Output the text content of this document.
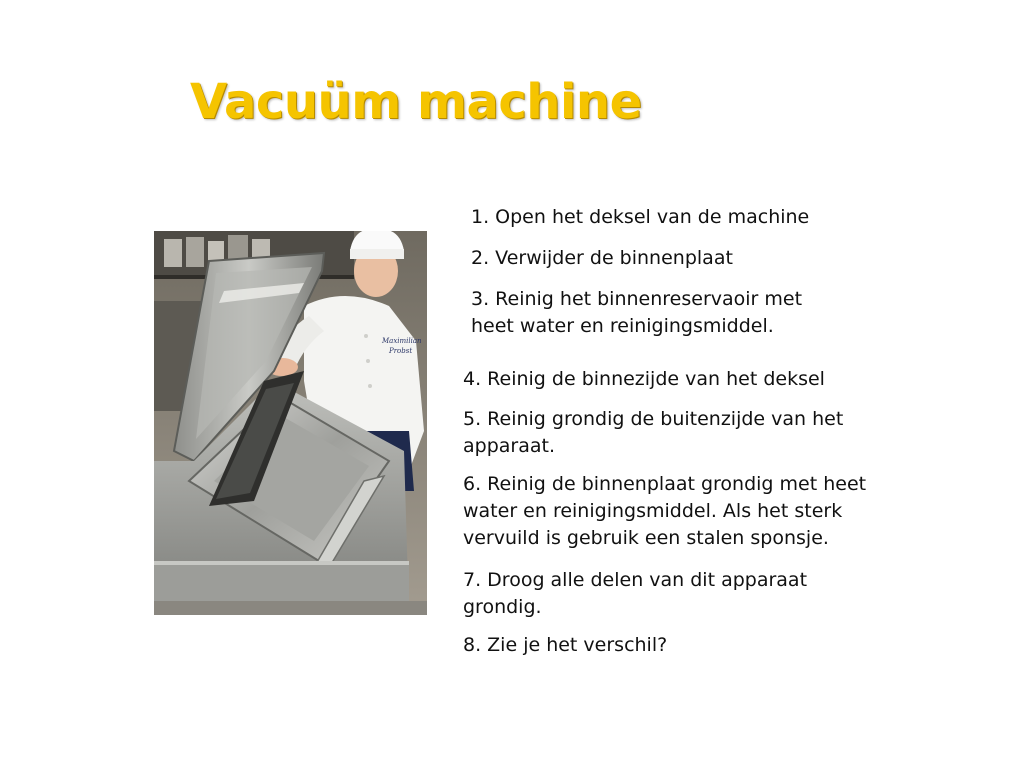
Vacuüm machine
Maximilian
Probst
1. Open het deksel van de machine
2. Verwijder de binnenplaat
3. Reinig het binnenreservaoir met
heet water en reinigingsmiddel.
4. Reinig de binnezijde van het deksel
5. Reinig grondig de buitenzijde van het
apparaat.
6. Reinig de binnenplaat grondig met heet
water en reinigingsmiddel. Als het sterk
vervuild is gebruik een stalen sponsje.
7. Droog alle delen van dit apparaat
grondig.
8. Zie je het verschil?
